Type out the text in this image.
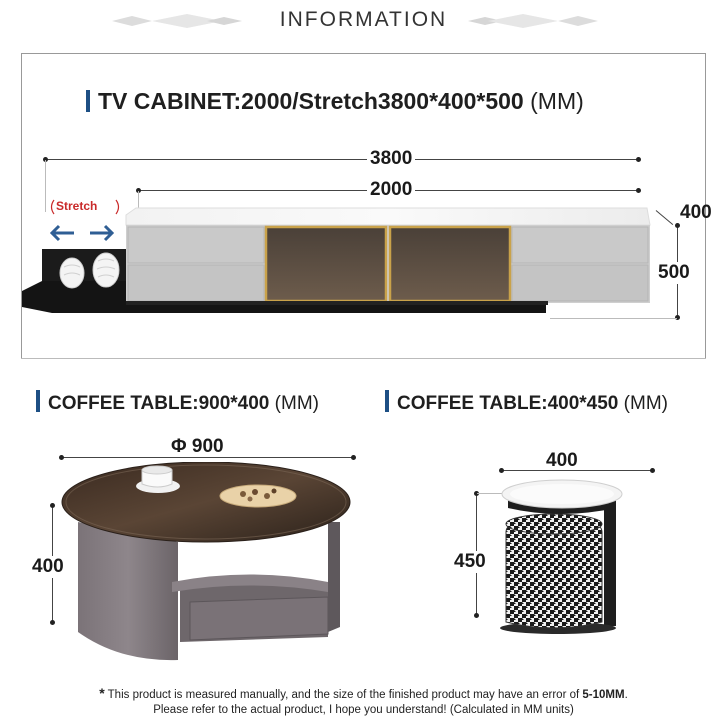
INFORMATION
TV CABINET:2000/Stretch3800*400*500 (MM)
3800
2000
400
500
Stretch
COFFEE TABLE:900*400 (MM)	COFFEE TABLE:400*450 (MM)
Φ 900
400
400
450
* This product is measured manually, and the size of the finished product may have an error of 5-10MM.
Please refer to the actual product, I hope you understand! (Calculated in MM units)
